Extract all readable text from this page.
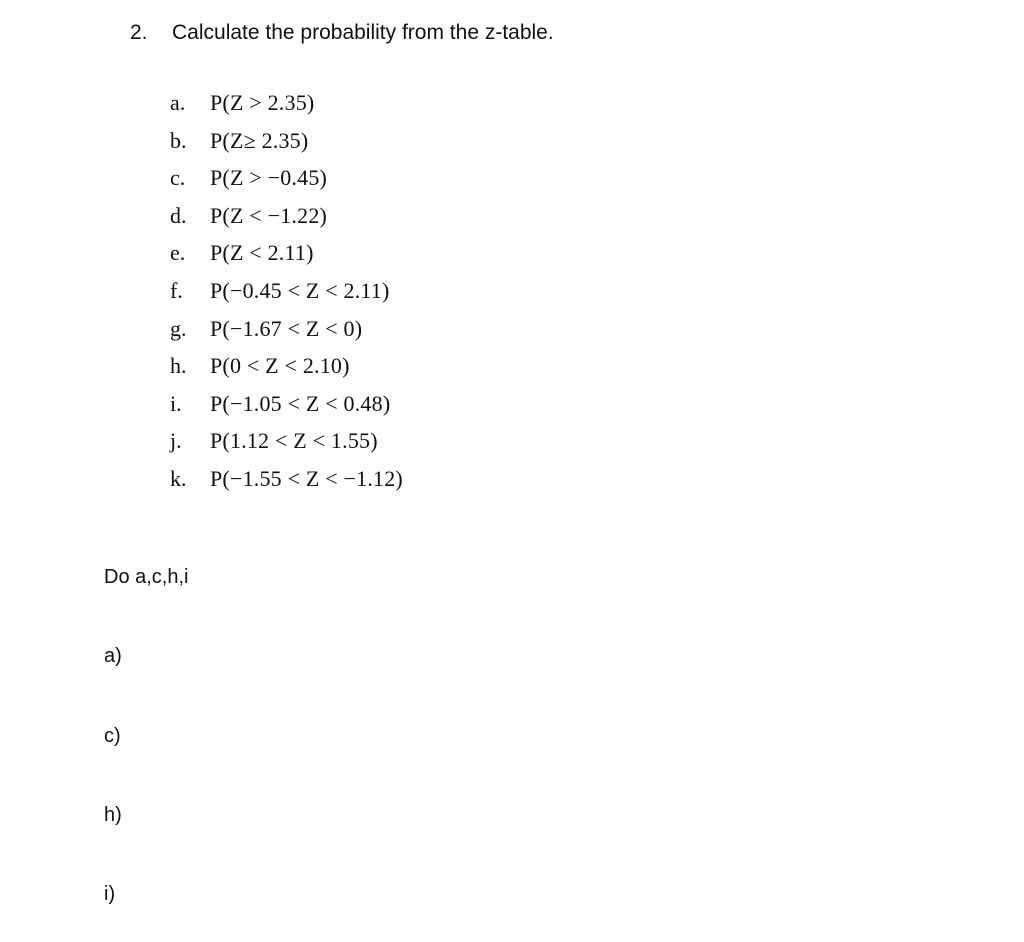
2. Calculate the probability from the z-table.
a. P(Z > 2.35)
b. P(Z≥ 2.35)
c. P(Z > −0.45)
d. P(Z < −1.22)
e. P(Z < 2.11)
f. P(−0.45 < Z < 2.11)
g. P(−1.67 < Z < 0)
h. P(0 < Z < 2.10)
i. P(−1.05 < Z < 0.48)
j. P(1.12 < Z < 1.55)
k. P(−1.55 < Z < −1.12)
Do a,c,h,i
a)
c)
h)
i)
